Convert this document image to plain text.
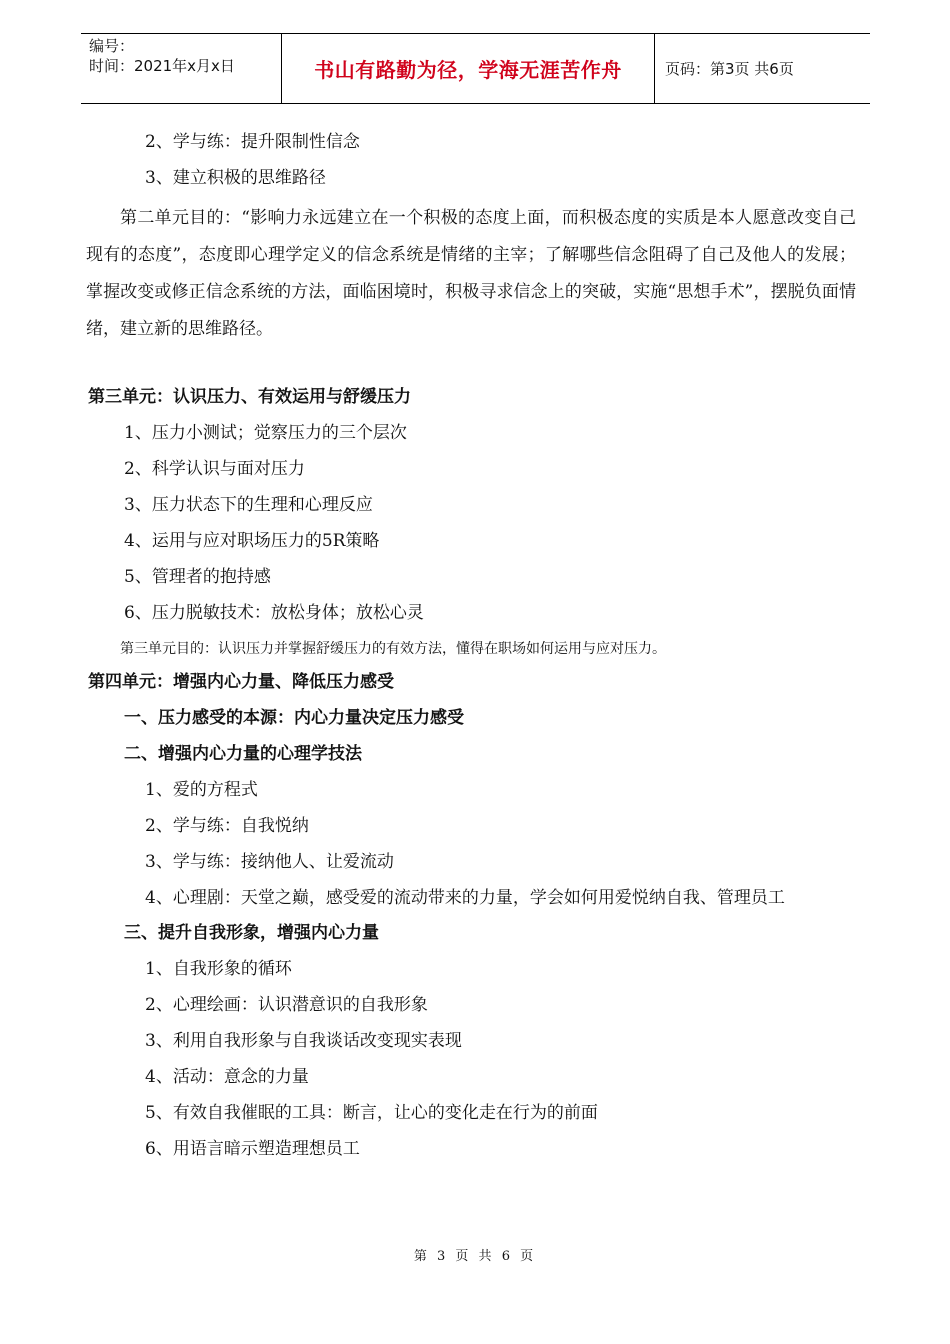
编号：
时间：2021年x月x日	书山有路勤为径，学海无涯苦作舟	页码：第3页 共6页
2、学与练：提升限制性信念
3、建立积极的思维路径
第二单元目的：“影响力永远建立在一个积极的态度上面，而积极态度的实质是本人愿意改变自己现有的态度”，态度即心理学定义的信念系统是情绪的主宰；了解哪些信念阻碍了自己及他人的发展；掌握改变或修正信念系统的方法，面临困境时，积极寻求信念上的突破，实施“思想手术”，摆脱负面情绪，建立新的思维路径。
第三单元：认识压力、有效运用与舒缓压力
1、压力小测试；觉察压力的三个层次
2、科学认识与面对压力
3、压力状态下的生理和心理反应
4、运用与应对职场压力的5R策略
5、管理者的抱持感
6、压力脱敏技术：放松身体；放松心灵
第三单元目的：认识压力并掌握舒缓压力的有效方法，懂得在职场如何运用与应对压力。
第四单元：增强内心力量、降低压力感受
一、压力感受的本源：内心力量决定压力感受
二、增强内心力量的心理学技法
1、爱的方程式
2、学与练：自我悦纳
3、学与练：接纳他人、让爱流动
4、心理剧：天堂之巅，感受爱的流动带来的力量，学会如何用爱悦纳自我、管理员工
三、提升自我形象，增强内心力量
1、自我形象的循环
2、心理绘画：认识潜意识的自我形象
3、利用自我形象与自我谈话改变现实表现
4、活动：意念的力量
5、有效自我催眠的工具：断言，让心的变化走在行为的前面
6、用语言暗示塑造理想员工
第 3 页 共 6 页
